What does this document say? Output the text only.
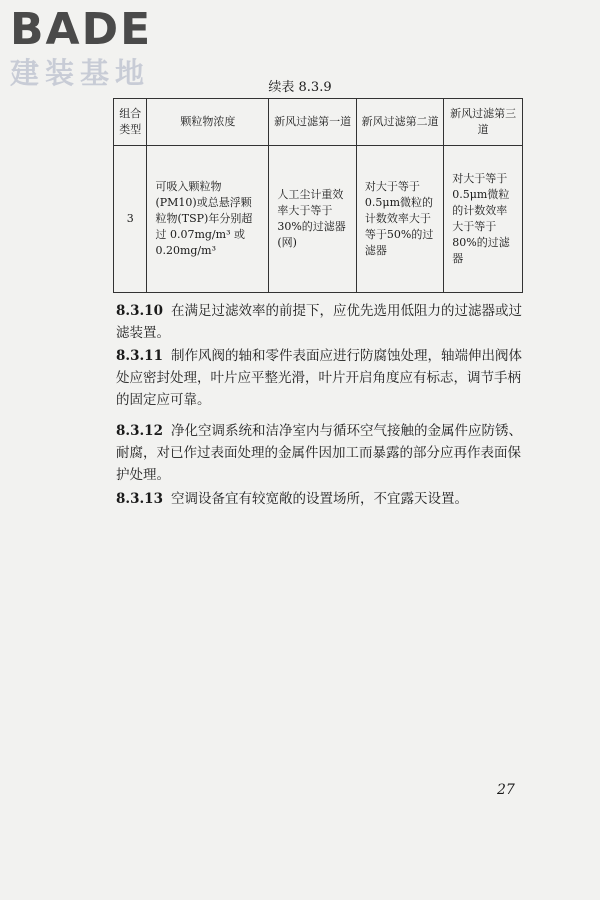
BADE
建装基地	续表 8.3.9
组合类型	颗粒物浓度	新风过滤第一道	新风过滤第二道	新风过滤第三道
3	可吸入颗粒物(PM10)或总悬浮颗粒物(TSP)年分别超过 0.07mg/m³ 或 0.20mg/m³	人工尘计重效率大于等于30%的过滤器(网)	对大于等于0.5μm微粒的计数效率大于等于50%的过滤器	对大于等于0.5μm微粒的计数效率大于等于80%的过滤器

8.3.10 在满足过滤效率的前提下，应优先选用低阻力的过滤器或过滤装置。

8.3.11 制作风阀的轴和零件表面应进行防腐蚀处理，轴端伸出阀体处应密封处理，叶片应平整光滑，叶片开启角度应有标志，调节手柄的固定应可靠。

8.3.12 净化空调系统和洁净室内与循环空气接触的金属件应防锈、耐腐，对已作过表面处理的金属件因加工而暴露的部分应再作表面保护处理。

8.3.13 空调设备宜有较宽敞的设置场所，不宜露天设置。

27
